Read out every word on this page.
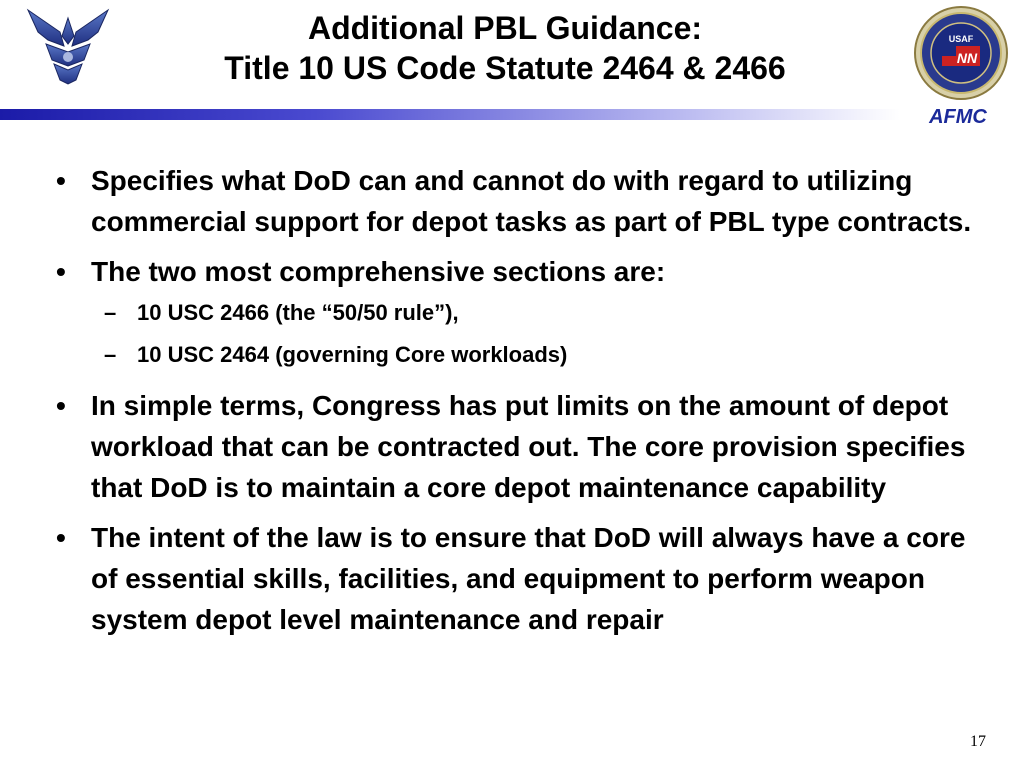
Additional PBL Guidance:
Title 10 US Code Statute 2464 & 2466
USAF
NN
AFMC
• Specifies what DoD can and cannot do with regard to utilizing commercial support for depot tasks as part of PBL type contracts.
• The two most comprehensive sections are:
– 10 USC 2466 (the “50/50 rule”),
– 10 USC 2464 (governing Core workloads)
• In simple terms, Congress has put limits on the amount of depot workload that can be contracted out. The core provision specifies that DoD is to maintain a core depot maintenance capability
• The intent of the law is to ensure that DoD will always have a core of essential skills, facilities, and equipment to perform weapon system depot level maintenance and repair
17
